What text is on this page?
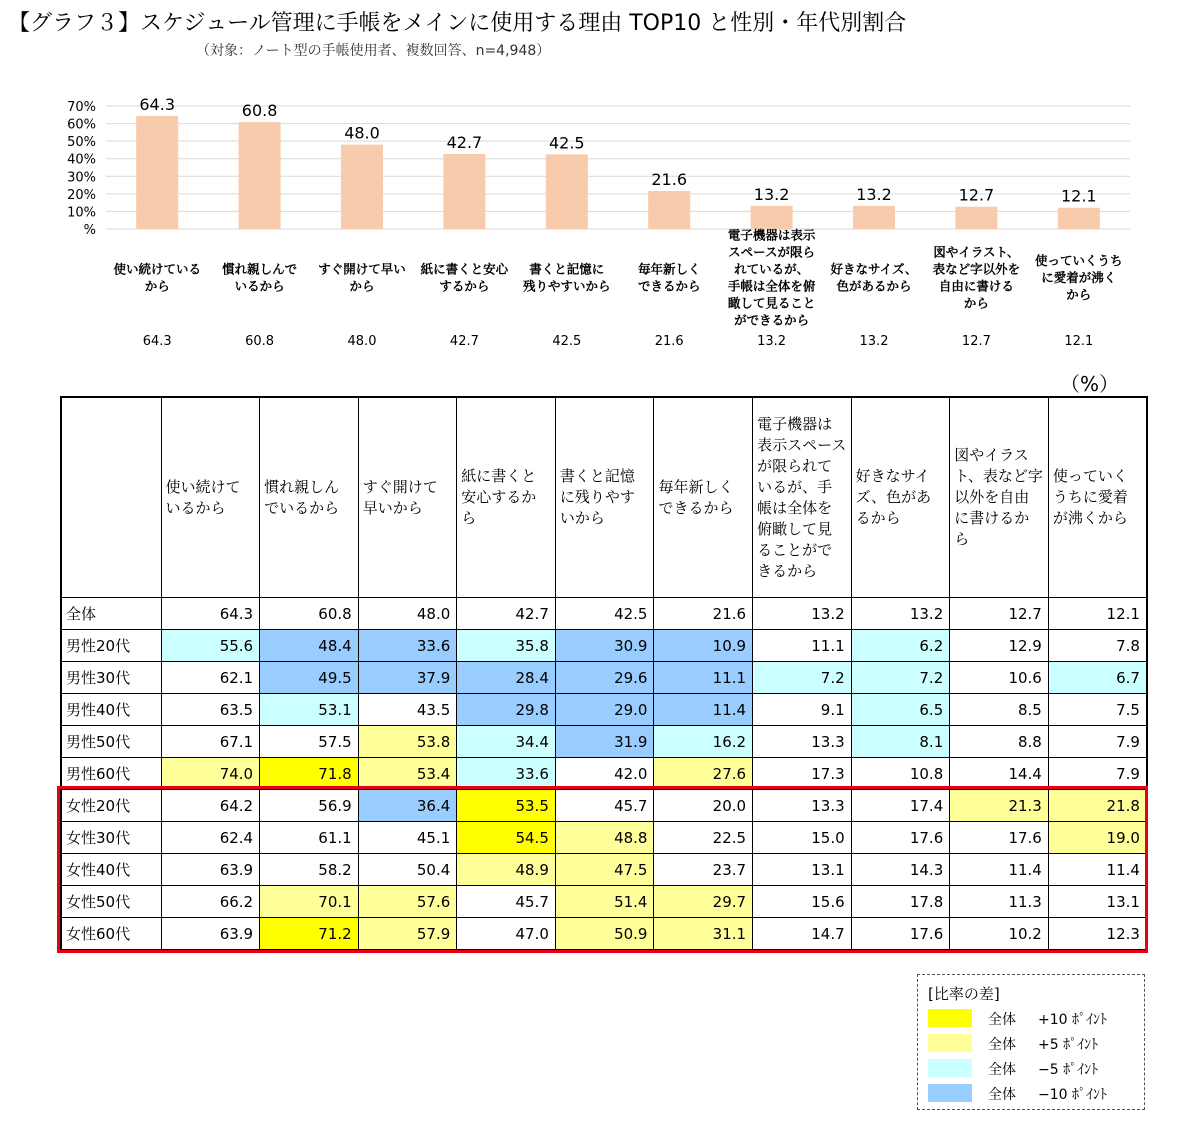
【グラフ３】スケジュール管理に手帳をメインに使用する理由 TOP10 と性別・年代別割合
（対象：ノート型の手帳使用者、複数回答、n=4,948）
70%
60%
50%
40%
30%
20%
10%
%
64.3
使い続けている
から
64.3
60.8
慣れ親しんで
いるから
60.8
48.0
すぐ開けて早い
から
48.0
42.7
紙に書くと安心
するから
42.7
42.5
書くと記憶に
残りやすいから
42.5
21.6
毎年新しく
できるから
21.6
13.2
電子機器は表示
スペースが限ら
れているが、
手帳は全体を俯
瞰して見ること
ができるから
13.2
13.2
好きなサイズ、
色があるから
13.2
12.7
図やイラスト、
表など字以外を
自由に書ける
から
12.7
12.1
使っていくうち
に愛着が沸く
から
12.1
（%）
	使い続けているから	慣れ親しんでいるから	すぐ開けて早いから	紙に書くと安心するから	書くと記憶に残りやすいから	毎年新しくできるから	電子機器は表示スペースが限られているが、手帳は全体を俯瞰して見ることができるから	好きなサイズ、色があるから	図やイラスト、表など字以外を自由に書けるから	使っていくうちに愛着が沸くから
全体	64.3	60.8	48.0	42.7	42.5	21.6	13.2	13.2	12.7	12.1
男性20代	55.6	48.4	33.6	35.8	30.9	10.9	11.1	6.2	12.9	7.8
男性30代	62.1	49.5	37.9	28.4	29.6	11.1	7.2	7.2	10.6	6.7
男性40代	63.5	53.1	43.5	29.8	29.0	11.4	9.1	6.5	8.5	7.5
男性50代	67.1	57.5	53.8	34.4	31.9	16.2	13.3	8.1	8.8	7.9
男性60代	74.0	71.8	53.4	33.6	42.0	27.6	17.3	10.8	14.4	7.9
女性20代	64.2	56.9	36.4	53.5	45.7	20.0	13.3	17.4	21.3	21.8
女性30代	62.4	61.1	45.1	54.5	48.8	22.5	15.0	17.6	17.6	19.0
女性40代	63.9	58.2	50.4	48.9	47.5	23.7	13.1	14.3	11.4	11.4
女性50代	66.2	70.1	57.6	45.7	51.4	29.7	15.6	17.8	11.3	13.1
女性60代	63.9	71.2	57.9	47.0	50.9	31.1	14.7	17.6	10.2	12.3
[比率の差]
全体 +10 ﾎﾟｲﾝﾄ
全体 +5 ﾎﾟｲﾝﾄ
全体 −5 ﾎﾟｲﾝﾄ
全体 −10 ﾎﾟｲﾝﾄ
